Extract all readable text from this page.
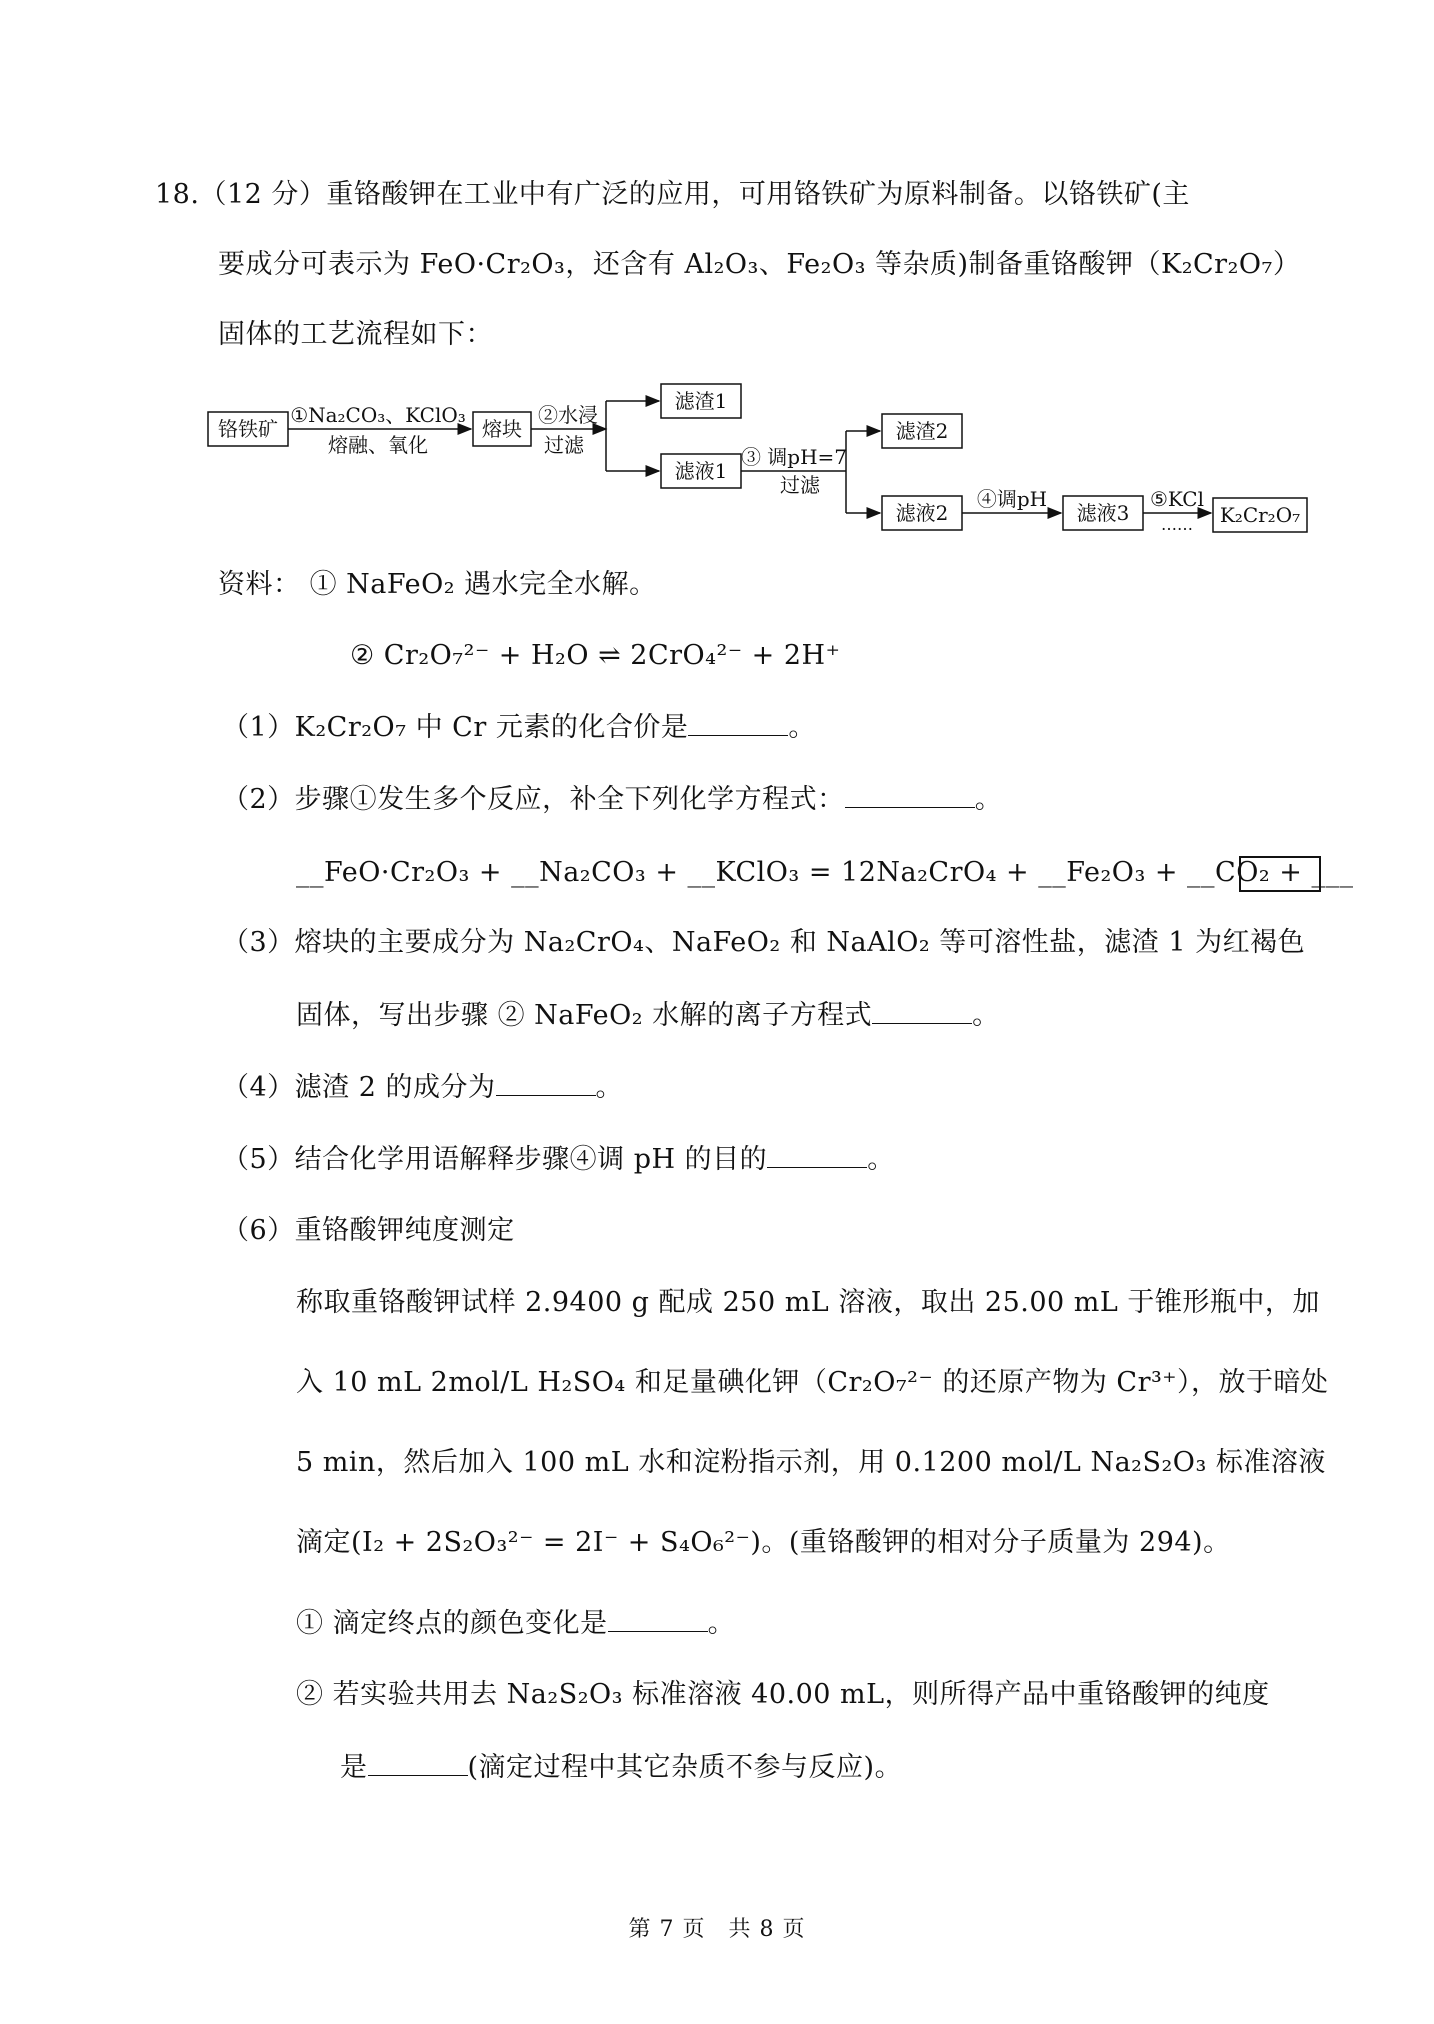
18.（12 分）重铬酸钾在工业中有广泛的应用，可用铬铁矿为原料制备。以铬铁矿(主
要成分可表示为 FeO·Cr₂O₃，还含有 Al₂O₃、Fe₂O₃ 等杂质)制备重铬酸钾（K₂Cr₂O₇）
固体的工艺流程如下：
铬铁矿
①Na₂CO₃、KClO₃
熔融、氧化
熔块
②水浸
过滤
滤渣1
滤液1
③ 调pH=7
过滤
滤渣2
滤液2
④调pH
滤液3
⑤KCl
…… K₂Cr₂O₇
资料： ① NaFeO₂ 遇水完全水解。
② Cr₂O₇²⁻ + H₂O ⇌ 2CrO₄²⁻ + 2H⁺
（1）K₂Cr₂O₇ 中 Cr 元素的化合价是	。
（2）步骤①发生多个反应，补全下列化学方程式：	。
__FeO·Cr₂O₃ + __Na₂CO₃ + __KClO₃ = 12Na₂CrO₄ + __Fe₂O₃ + __CO₂ + ___
（3）熔块的主要成分为 Na₂CrO₄、NaFeO₂ 和 NaAlO₂ 等可溶性盐，滤渣 1 为红褐色
固体，写出步骤 ② NaFeO₂ 水解的离子方程式	。
（4）滤渣 2 的成分为	。
（5）结合化学用语解释步骤④调 pH 的目的	。
（6）重铬酸钾纯度测定
称取重铬酸钾试样 2.9400 g 配成 250 mL 溶液，取出 25.00 mL 于锥形瓶中，加
入 10 mL 2mol/L H₂SO₄ 和足量碘化钾（Cr₂O₇²⁻ 的还原产物为 Cr³⁺），放于暗处
5 min，然后加入 100 mL 水和淀粉指示剂，用 0.1200 mol/L Na₂S₂O₃ 标准溶液
滴定(I₂ + 2S₂O₃²⁻ = 2I⁻ + S₄O₆²⁻)。(重铬酸钾的相对分子质量为 294)。
① 滴定终点的颜色变化是	。
② 若实验共用去 Na₂S₂O₃ 标准溶液 40.00 mL，则所得产品中重铬酸钾的纯度
是	(滴定过程中其它杂质不参与反应)。
第 7 页　共 8 页
